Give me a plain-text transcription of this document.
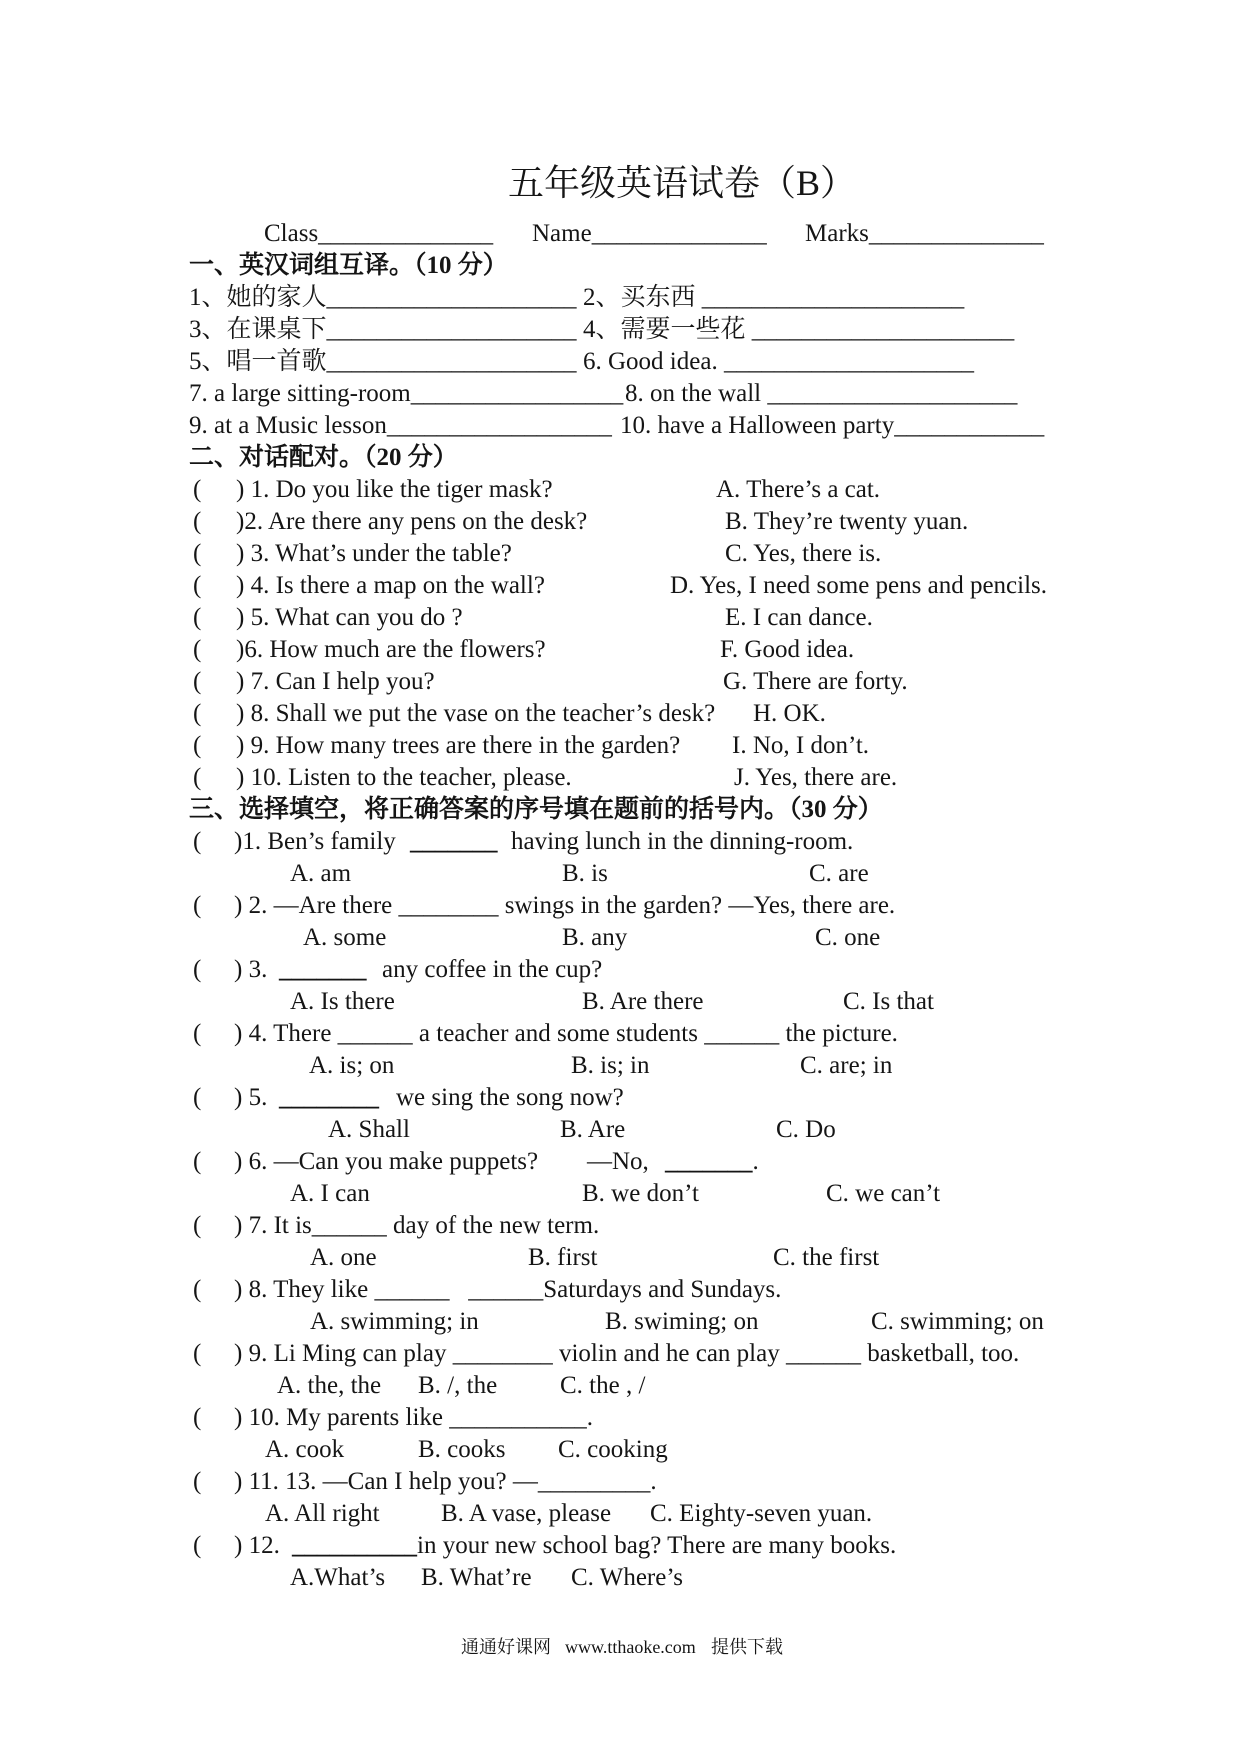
五年级英语试卷（B）
Class______________ Name______________ Marks______________
一、英汉词组互译。（10 分）
1、她的家人____________________ 2、买东西 _____________________
3、在课桌下____________________ 4、需要一些花 _____________________
5、唱一首歌____________________ 6. Good idea. ____________________
7. a large sitting-room_________________ 8. on the wall ____________________
9. at a Music lesson__________________ 10. have a Halloween party____________
二、对话配对。（20 分）
( ) 1. Do you like the tiger mask?	A. There’s a cat.
( )2. Are there any pens on the desk?	B. They’re twenty yuan.
( ) 3. What’s under the table?	C. Yes, there is.
( ) 4. Is there a map on the wall?	D. Yes, I need some pens and pencils.
( ) 5. What can you do ?	E. I can dance.
( )6. How much are the flowers?	F. Good idea.
( ) 7. Can I help you?	G. There are forty.
( ) 8. Shall we put the vase on the teacher’s desk? H. OK.
( ) 9. How many trees are there in the garden? I. No, I don’t.
( ) 10. Listen to the teacher, please.	J. Yes, there are.
三、选择填空，将正确答案的序号填在题前的括号内。（30 分）
( )1. Ben’s family _______ having lunch in the dinning-room.
A. am	B. is	C. are
( ) 2. —Are there ________ swings in the garden? —Yes, there are.
A. some	B. any	C. one
( ) 3. _______ any coffee in the cup?
A. Is there	B. Are there	C. Is that
( ) 4. There ______ a teacher and some students ______ the picture.
A. is; on	B. is; in	C. are; in
( ) 5. ________ we sing the song now?
A. Shall	B. Are	C. Do
( ) 6. —Can you make puppets? —No, _______.
A. I can	B. we don’t	C. we can’t
( ) 7. It is______ day of the new term.
A. one	B. first	C. the first
( ) 8. They like ______   ______Saturdays and Sundays.
A. swimming; in	B. swiming; on	C. swimming; on
( ) 9. Li Ming can play ________ violin and he can play ______ basketball, too.
A. the, the B. /, the	C. the , /
( ) 10. My parents like ___________.
A. cook	B. cooks C. cooking
( ) 11. 13. —Can I help you? —_________.
A. All right B. A vase, please C. Eighty-seven yuan.
( ) 12. __________in your new school bag? There are many books.
A.What’s B. What’re C. Where’s
通通好课网 www.tthaoke.com 提供下载
